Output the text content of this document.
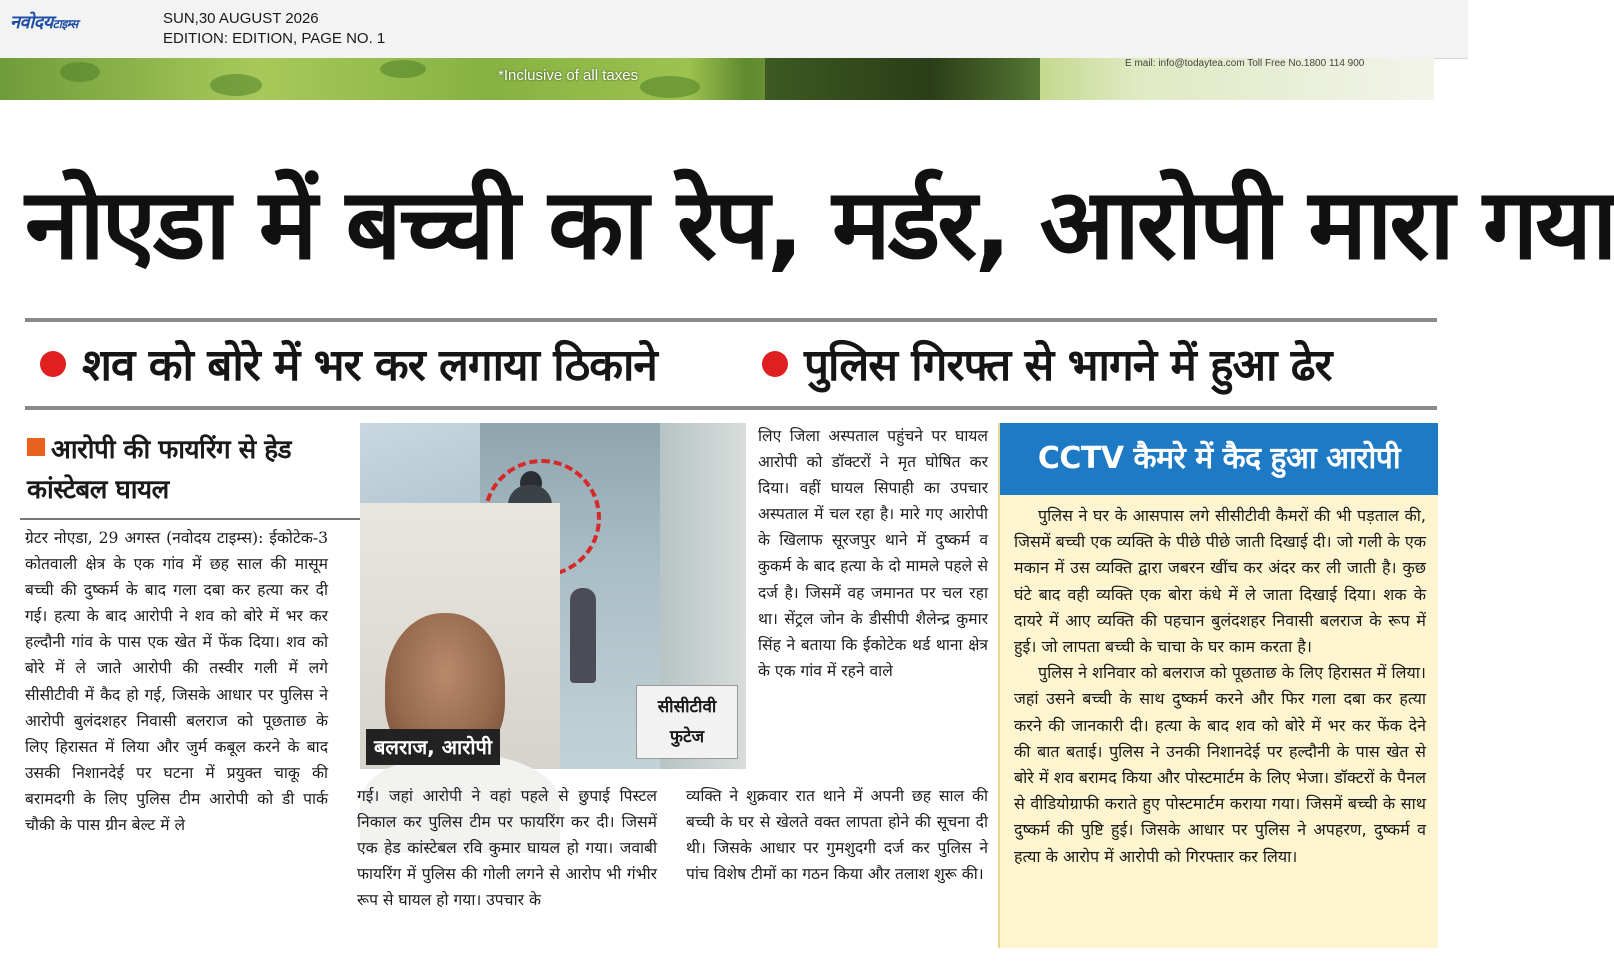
नवोदयटाइम्स	SUN,30 AUGUST 2026
EDITION: EDITION, PAGE NO. 1
*Inclusive of all taxes
E mail: info@todaytea.com Toll Free No.1800 114 900
नोएडा में बच्ची का रेप, मर्डर, आरोपी मारा गया
शव को बोरे में भर कर लगाया ठिकाने	पुलिस गिरफ्त से भागने में हुआ ढेर
आरोपी की फायरिंग से हेड कांस्टेबल घायल
ग्रेटर नोएडा, 29 अगस्त (नवोदय टाइम्स): ईकोटेक-3 कोतवाली क्षेत्र के एक गांव में छह साल की मासूम बच्ची की दुष्कर्म के बाद गला दबा कर हत्या कर दी गई। हत्या के बाद आरोपी ने शव को बोरे में भर कर हल्दौनी गांव के पास एक खेत में फेंक दिया। शव को बोरे में ले जाते आरोपी की तस्वीर गली में लगे सीसीटीवी में कैद हो गई, जिसके आधार पर पुलिस ने आरोपी बुलंदशहर निवासी बलराज को पूछताछ के लिए हिरासत में लिया और जुर्म कबूल करने के बाद उसकी निशानदेई पर घटना में प्रयुक्त चाकू की बरामदगी के लिए पुलिस टीम आरोपी को डी पार्क चौकी के पास ग्रीन बेल्ट में ले
बलराज, आरोपी
सीसीटीवी
फुटेज
लिए जिला अस्पताल पहुंचने पर घायल आरोपी को डॉक्टरों ने मृत घोषित कर दिया। वहीं घायल सिपाही का उपचार अस्पताल में चल रहा है। मारे गए आरोपी के खिलाफ सूरजपुर थाने में दुष्कर्म व कुकर्म के बाद हत्या के दो मामले पहले से दर्ज है। जिसमें वह जमानत पर चल रहा था। सेंट्रल जोन के डीसीपी शैलेन्द्र कुमार सिंह ने बताया कि ईकोटेक थर्ड थाना क्षेत्र के एक गांव में रहने वाले
गई। जहां आरोपी ने वहां पहले से छुपाई पिस्टल निकाल कर पुलिस टीम पर फायरिंग कर दी। जिसमें एक हेड कांस्टेबल रवि कुमार घायल हो गया। जवाबी फायरिंग में पुलिस की गोली लगने से आरोप भी गंभीर रूप से घायल हो गया। उपचार के
व्यक्ति ने शुक्रवार रात थाने में अपनी छह साल की बच्ची के घर से खेलते वक्त लापता होने की सूचना दी थी। जिसके आधार पर गुमशुदगी दर्ज कर पुलिस ने पांच विशेष टीमों का गठन किया और तलाश शुरू की।
CCTV कैमरे में कैद हुआ आरोपी

पुलिस ने घर के आसपास लगे सीसीटीवी कैमरों की भी पड़ताल की, जिसमें बच्ची एक व्यक्ति के पीछे पीछे जाती दिखाई दी। जो गली के एक मकान में उस व्यक्ति द्वारा जबरन खींच कर अंदर कर ली जाती है। कुछ घंटे बाद वही व्यक्ति एक बोरा कंधे में ले जाता दिखाई दिया। शक के दायरे में आए व्यक्ति की पहचान बुलंदशहर निवासी बलराज के रूप में हुई। जो लापता बच्ची के चाचा के घर काम करता है।

पुलिस ने शनिवार को बलराज को पूछताछ के लिए हिरासत में लिया। जहां उसने बच्ची के साथ दुष्कर्म करने और फिर गला दबा कर हत्या करने की जानकारी दी। हत्या के बाद शव को बोरे में भर कर फेंक देने की बात बताई। पुलिस ने उनकी निशानदेई पर हल्दौनी के पास खेत से बोरे में शव बरामद किया और पोस्टमार्टम के लिए भेजा। डॉक्टरों के पैनल से वीडियोग्राफी कराते हुए पोस्टमार्टम कराया गया। जिसमें बच्ची के साथ दुष्कर्म की पुष्टि हुई। जिसके आधार पर पुलिस ने अपहरण, दुष्कर्म व हत्या के आरोप में आरोपी को गिरफ्तार कर लिया।
